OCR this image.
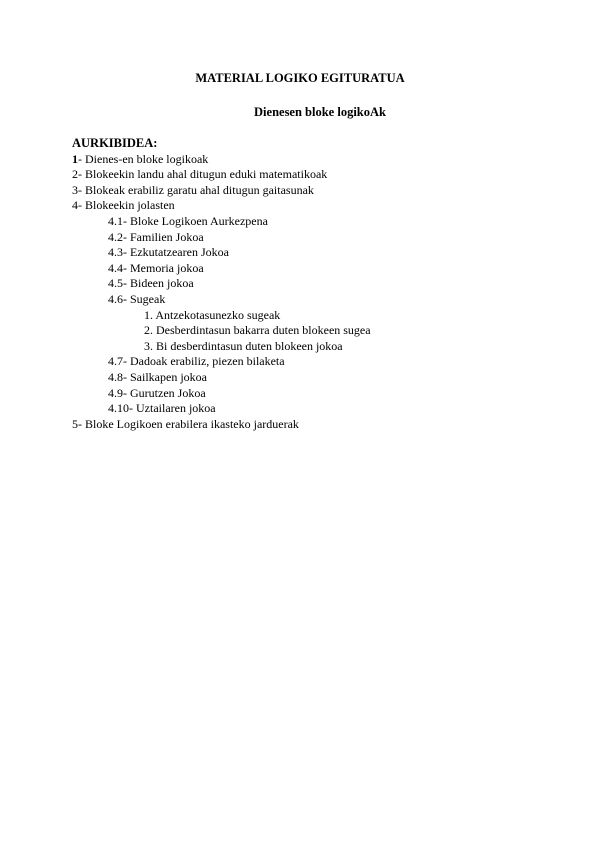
MATERIAL LOGIKO EGITURATUA
Dienesen bloke logikoAk
AURKIBIDEA:
1- Dienes-en bloke logikoak
2- Blokeekin landu ahal ditugun eduki matematikoak
3- Blokeak erabiliz garatu ahal ditugun gaitasunak
4- Blokeekin jolasten
4.1- Bloke Logikoen Aurkezpena
4.2- Familien Jokoa
4.3- Ezkutatzearen Jokoa
4.4- Memoria jokoa
4.5- Bideen jokoa
4.6- Sugeak
1. Antzekotasunezko sugeak
2. Desberdintasun bakarra duten blokeen sugea
3. Bi desberdintasun duten blokeen jokoa
4.7- Dadoak erabiliz, piezen bilaketa
4.8- Sailkapen jokoa
4.9- Gurutzen Jokoa
4.10- Uztailaren jokoa
5- Bloke Logikoen erabilera ikasteko jarduerak
